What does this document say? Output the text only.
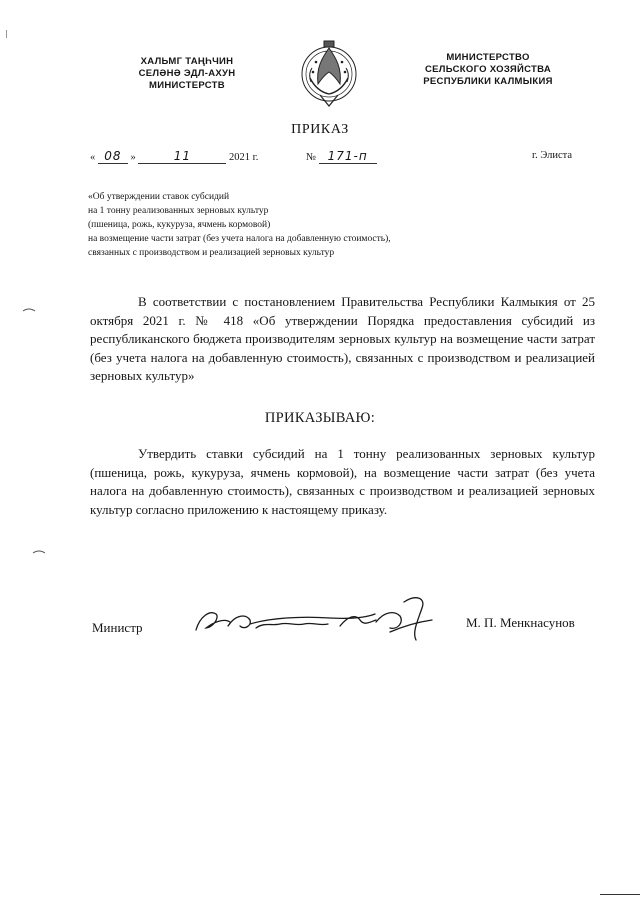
ХАЛЬМГ ТАҢҺЧИН
СЕЛӘНӘ ЭДЛ-АХУН
МИНИСТЕРСТВ
МИНИСТЕРСТВО
СЕЛЬСКОГО ХОЗЯЙСТВА
РЕСПУБЛИКИ КАЛМЫКИЯ
ПРИКАЗ
« 08 »	11	2021 г.	№ 171-п	г. Элиста
«Об утверждении ставок субсидий
на 1 тонну реализованных зерновых культур
(пшеница, рожь, кукуруза, ячмень кормовой)
на возмещение части затрат (без учета налога на добавленную стоимость),
связанных с производством и реализацией зерновых культур
В соответствии с постановлением Правительства Республики Калмыкия от 25 октября 2021 г. № 418 «Об утверждении Порядка предоставления субсидий из республиканского бюджета производителям зерновых культур на возмещение части затрат (без учета налога на добавленную стоимость), связанных с производством и реализацией зерновых культур»
ПРИКАЗЫВАЮ:
Утвердить ставки субсидий на 1 тонну реализованных зерновых культур (пшеница, рожь, кукуруза, ячмень кормовой), на возмещение части затрат (без учета налога на добавленную стоимость), связанных с производством и реализацией зерновых культур согласно приложению к настоящему приказу.
Министр	М. П. Менкнасунов
